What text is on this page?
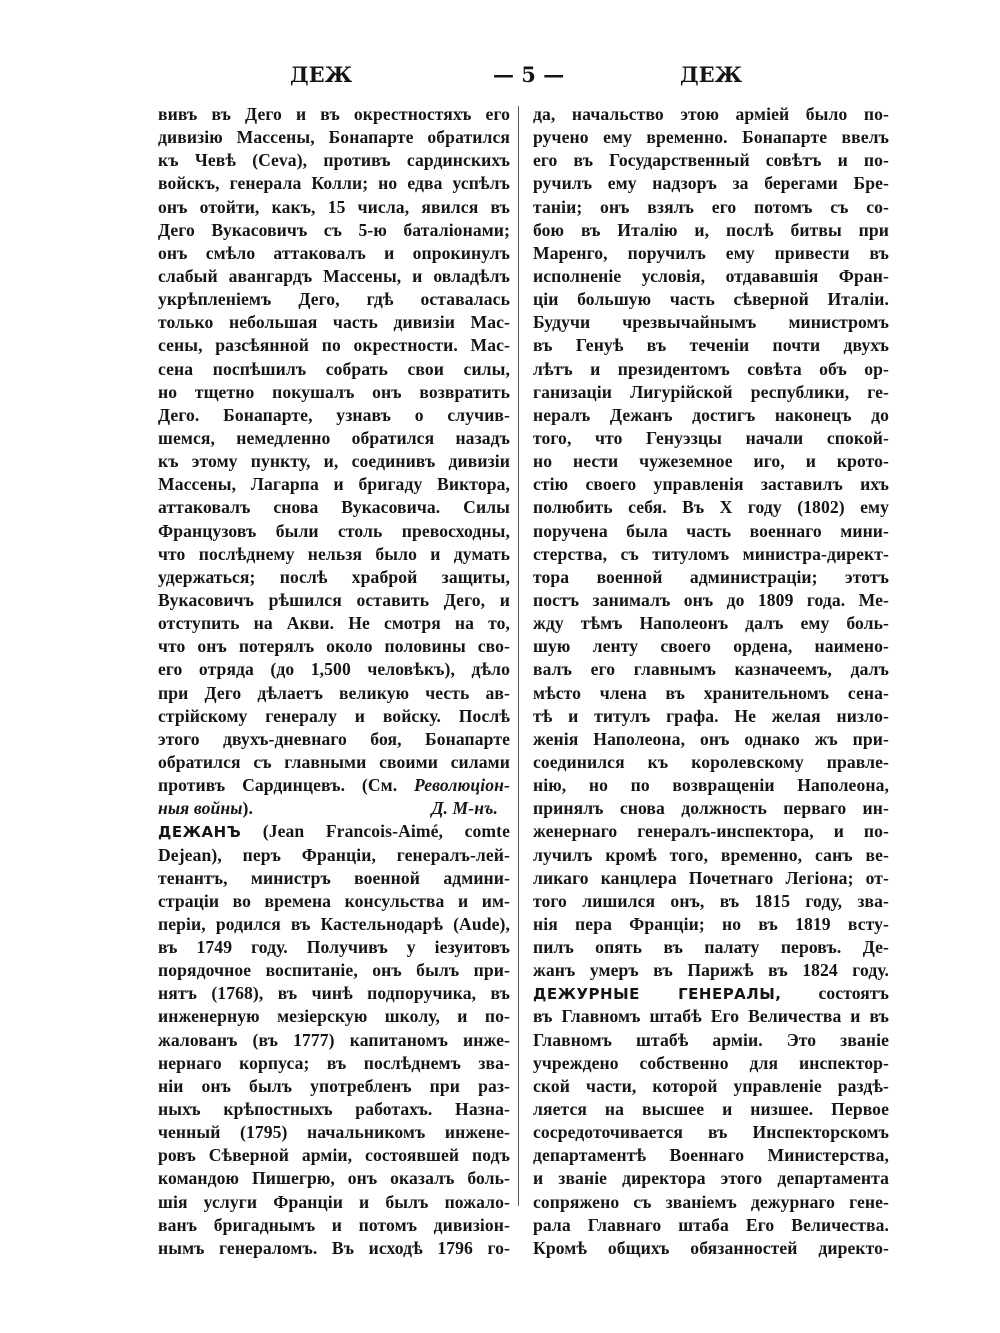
ДЕЖ	— 5 —	ДЕЖ
вивъ въ Дего и въ окрестностяхъ его
дивизiю Массены, Бонапарте обратился
къ Чевѣ (Ceva), противъ сардинскихъ
войскъ, генерала Колли; но едва успѣлъ
онъ отойти, какъ, 15 числа, явился въ
Дего Вукасовичъ съ 5-ю баталiонами;
онъ смѣло аттаковалъ и опрокинулъ
слабый авангардъ Массены, и овладѣлъ
укрѣпленiемъ Дего, гдѣ оставалась
только небольшая часть дивизiи Мас-
сены, разсѣянной по окрестности. Мас-
сена поспѣшилъ собрать свои силы,
но тщетно покушалъ онъ возвратить
Дего. Бонапарте, узнавъ о случив-
шемся, немедленно обратился назадъ
къ этому пункту, и, соединивъ дивизiи
Массены, Лагарпа и бригаду Виктора,
аттаковалъ снова Вукасовича. Силы
Французовъ были столь превосходны,
что послѣднему нельзя было и думать
удержаться; послѣ храброй защиты,
Вукасовичъ рѣшился оставить Дего, и
отступить на Акви. Не смотря на то,
что онъ потерялъ около половины сво-
его отряда (до 1,500 человѣкъ), дѣло
при Дего дѣлаетъ великую честь ав-
стрiйскому генералу и войску. Послѣ
этого двухъ-дневнаго боя, Бонапарте
обратился съ главными своими силами
противъ Сардинцевъ. (См. Революцiон-
ныя войны).	Д. М-нъ.
ДЕЖАНЪ (Jean Francois-Aimé, comte
Dejean), перъ Францiи, генералъ-лей-
тенантъ, министръ военной админи-
страцiи во времена консульства и им-
перiи, родился въ Кастельнодарѣ (Aude),
въ 1749 году. Получивъ у iезуитовъ
порядочное воспитанiе, онъ былъ при-
нятъ (1768), въ чинѣ подпоручика, въ
инженерную мезiерскую школу, и по-
жалованъ (въ 1777) капитаномъ инже-
нернаго корпуса; въ послѣднемъ зва-
нiи онъ былъ употребленъ при раз-
ныхъ крѣпостныхъ работахъ. Назна-
ченный (1795) начальникомъ инжене-
ровъ Сѣверной армiи, состоявшей подъ
командою Пишегрю, онъ оказалъ боль-
шiя услуги Францiи и былъ пожало-
ванъ бригаднымъ и потомъ дивизiон-
нымъ генераломъ. Въ исходѣ 1796 го-
да, начальство этою армiей было по-
ручено ему временно. Бонапарте ввелъ
его въ Государственный совѣтъ и по-
ручилъ ему надзоръ за берегами Бре-
танiи; онъ взялъ его потомъ съ со-
бою въ Италiю и, послѣ битвы при
Маренго, поручилъ ему привести въ
исполненiе условiя, отдававшiя Фран-
цiи большую часть сѣверной Италiи.
Будучи чрезвычайнымъ министромъ
въ Генуѣ въ теченiи почти двухъ
лѣтъ и президентомъ совѣта объ ор-
ганизацiи Лигурiйской республики, ге-
нералъ Дежанъ достигъ наконецъ до
того, что Генуэзцы начали спокой-
но нести чужеземное иго, и крото-
стiю своего управленiя заставилъ ихъ
полюбить себя. Въ X году (1802) ему
поручена была часть военнаго мини-
стерства, съ титуломъ министра-директ-
тора военной администрацiи; этотъ
постъ занималъ онъ до 1809 года. Ме-
жду тѣмъ Наполеонъ далъ ему боль-
шую ленту своего ордена, наимено-
валъ его главнымъ казначеемъ, далъ
мѣсто члена въ хранительномъ сена-
тѣ и титулъ графа. Не желая низло-
женiя Наполеона, онъ однако жъ при-
соединился къ королевскому правле-
нiю, но по возвращенiи Наполеона,
принялъ снова должность перваго ин-
женернаго генералъ-инспектора, и по-
лучилъ кромѣ того, временно, санъ ве-
ликаго канцлера Почетнаго Легiона; от-
того лишился онъ, въ 1815 году, зва-
нiя пера Францiи; но въ 1819 всту-
пилъ опять въ палату перовъ. Де-
жанъ умеръ въ Парижѣ въ 1824 году.
ДЕЖУРНЫЕ ГЕНЕРАЛЫ, состоятъ
въ Главномъ штабѣ Его Величества и въ
Главномъ штабѣ армiи. Это званiе
учреждено собственно для инспектор-
ской части, которой управленiе раздѣ-
ляется на высшее и низшее. Первое
сосредоточивается въ Инспекторскомъ
департаментѣ Военнаго Министерства,
и званiе директора этого департамента
сопряжено съ званiемъ дежурнаго гене-
рала Главнаго штаба Его Величества.
Кромѣ общихъ обязанностей директо-
